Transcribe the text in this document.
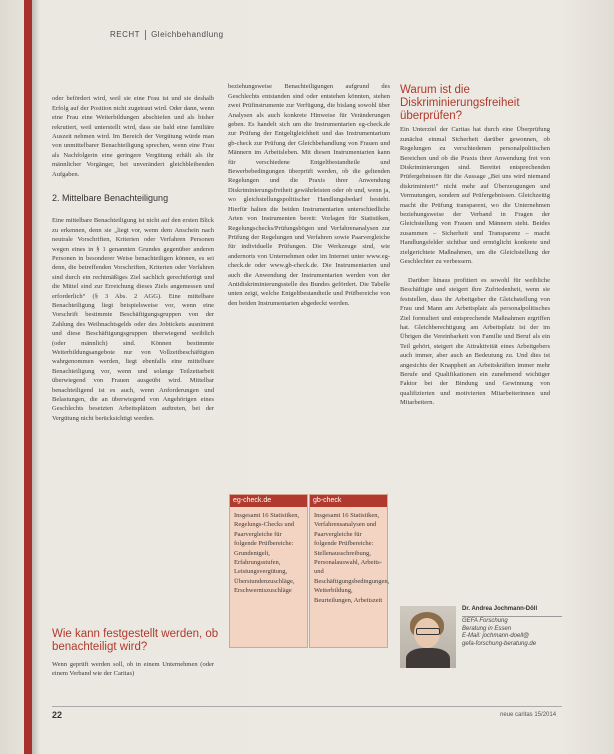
RECHT Gleichbehandlung

oder befördert wird, weil sie eine Frau ist und sie deshalb Erfolg auf der Position nicht zugetraut wird. Oder dann, wenn eine Frau eine Weiterbildungen abschiefen und als bisher rekrutiert, weil unterstellt wird, dass sie bald eine familiäre Auszeit nehmen wird. Im Bereich der Vergütung würde man von unmittelbarer Benachteiligung sprechen, wenn eine Frau als Nachfolgerin eine geringere Vergütung erhält als ihr männlicher Vorgänger, bei unverändert gleichbleibenden Aufgaben.

2. Mittelbare Benachteiligung

Eine mittelbare Benachteiligung ist nicht auf den ersten Blick zu erkennen, denn sie „liegt vor, wenn dem Anschein nach neutrale Vorschriften, Kriterien oder Verfahren Personen wegen eines in § 1 genannten Grundes gegenüber anderen Personen in besonderer Weise benachteiligen können, es sei denn, die betreffenden Vorschriften, Kriterien oder Verfahren sind durch ein rechtmäßiges Ziel sachlich gerechtfertigt und die Mittel sind zur Erreichung dieses Ziels angemessen und erforderlich“ (§ 3 Abs. 2 AGG). Eine mittelbare Benachteiligung liegt beispielsweise vor, wenn eine Vorschrift bestimmte Beschäftigungsgruppen von der Zahlung des Weihnachtsgelds oder des Jobtickets ausnimmt und diese Beschäftigungsgruppen überwiegend weiblich (oder männlich) sind. Können bestimmte Weiterbildungsangebote nur von Vollzeitbeschäftigten wahrgenommen werden, liegt ebenfalls eine mittelbare Benachteiligung vor, wenn und solange Teilzeitarbeit überwiegend von Frauen ausgeübt wird. Mittelbar benachteiligend ist es auch, wenn Anforderungen und Belastungen, die an überwiegend von Angehörigen eines Geschlechts besetzten Arbeitsplätzen auftreten, bei der Vergütung nicht berücksichtigt werden.

Wie kann festgestellt werden, ob benachteiligt wird?
Wenn geprüft werden soll, ob in einem Unternehmen (oder einem Verband wie der Caritas)

beziehungsweise Benachteiligungen aufgrund des Geschlechts entstanden sind oder entstehen könnten, stehen zwei Prüfinstrumente zur Verfügung, die bislang sowohl über Analysen als auch konkrete Hinweise für Veränderungen geben. Es handelt sich um die Instrumentarien eg-check.de zur Prüfung der Entgeltgleichheit und das Instrumentarium gb-check zur Prüfung der Gleichbehandlung von Frauen und Männern im Arbeitsleben. Mit diesen Instrumentarien kann für verschiedene Entgeltbestandteile und Bewerbebedingungen überprüft werden, ob die geltenden Regelungen und die Praxis ihrer Anwendung Diskriminierungsfreiheit gewährleisten oder ob und, wenn ja, wo gleichstellungspolitischer Handlungsbedarf besteht. Hierfür halten die beiden Instrumentarien unterschiedliche Arten von Instrumenten bereit: Vorlagen für Statistiken, Regelungschecks/Prüfungsbögen und Verfahrenanalysen zur Prüfung der Regelungen und Verfahren sowie Paarvergleiche für individuelle Prüfungen. Die Werkzeuge sind, wie andernorts von Unternehmen oder im Internet unter www.eg-check.de oder www.gb-check.de. Die Instrumentarien und auch die Anwendung der Instrumentarien werden von der Antidiskriminierungsstelle des Bundes gefördert. Die Tabelle unten zeigt, welche Entgeltbestandteile und Prüfbereiche von den beiden Instrumentarien abgedeckt werden.

eg-check.de
Insgesamt 16 Statistiken, Regelungs-Checks und Paarvergleiche für folgende Prüfbereiche:
Grundentgelt,
Erfahrungsstufen,
Leistungsvergütung, Überstundenzuschläge,
Erschwerniszuschläge
gb-check
Insgesamt 16 Statistiken, Verfahrensanalysen und Paarvergleiche für folgende Prüfbereiche:
Stellenausschreibung, Personalauswahl, Arbeits- und Beschäftigungsbedingungen, Weiterbildung, Beurteilungen, Arbeitszeit
Warum ist die Diskriminierungsfreiheit überprüfen?

Ein Unterziel der Caritas hat durch eine Überprüfung zunächst einmal Sicherheit darüber gewonnen, ob Regelungen zu verschiedenen personalpolitischen Bereichen und ob die Praxis ihrer Anwendung frei von Diskriminierungen sind. Bereitet entsprechenden Prüfergebnissen für die Aussage „Bei uns wird niemand diskriminiert!“ nicht mehr auf Überzeugungen und Vermutungen, sondern auf Prüfergebnissen. Gleichzeitig macht die Prüfung transparent, wo die Unternehmen beziehungsweise der Verband in Fragen der Gleichstellung von Frauen und Männern steht. Beides zusammen – Sicherheit und Transparenz – macht Handlungsfelder sichtbar und ermöglicht konkrete und zielgerichtete Maßnahmen, um die Gleichstellung der Geschlechter zu verbessern.

Darüber hinaus profitiert es sowohl für weibliche Beschäftigte und steigert ihre Zufriedenheit, wenn sie feststellen, dass ihr Arbeitgeber die Gleichstellung von Frau und Mann am Arbeitsplatz als personalpolitisches Ziel formuliert und entsprechende Maßnahmen ergriffen hat. Gleichberechtigung am Arbeitsplatz ist der im Übrigen die Vereinbarkeit von Familie und Beruf als ein Teil gehört, steigert die Attraktivität eines Arbeitgebers auch immer, aber auch an Bedeutung zu. Und dies ist angesichts der Knappheit an Arbeitskräften immer mehr Berufe und Qualifikationen ein zunehmend wichtiger Faktor bei der Bindung und Gewinnung von qualifizierten und motivierten Mitarbeiterinnen und Mitarbeitern.

Dr. Andrea Jochmann-Döll
GEFA Forschung
Beratung in Essen
E-Mail: jochmann-doell@
gefa-forschung-beratung.de
22	neue caritas 15/2014
